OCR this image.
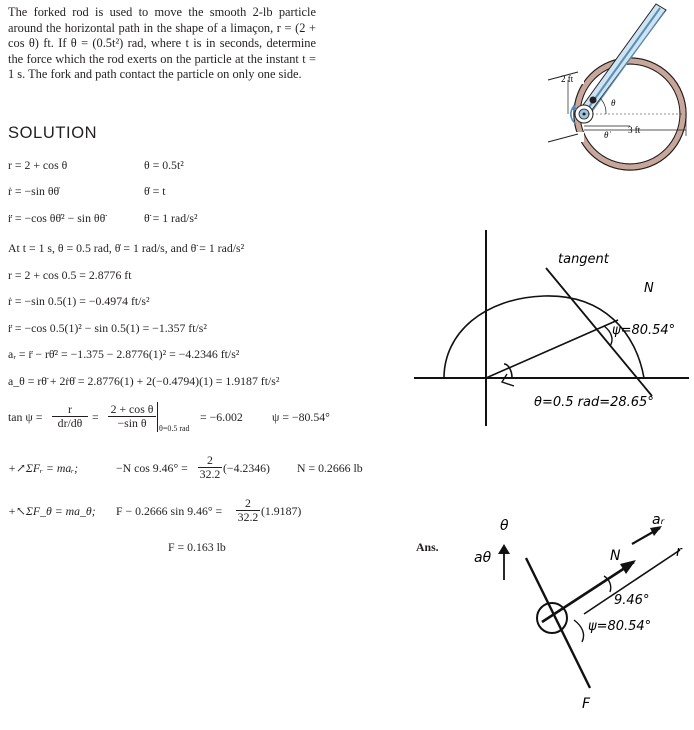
The forked rod is used to move the smooth 2-lb particle around the horizontal path in the shape of a limaçon, r = (2 + cos θ) ft. If θ = (0.5t²) rad, where t is in seconds, determine the force which the rod exerts on the particle at the instant t = 1 s. The fork and path contact the particle on only one side.	2 ft
θ
θ̇	3 ft
SOLUTION
r = 2 + cos θ	θ = 0.5t²
ṙ = −sin θθ̇	θ̇ = t
r̈ = −cos θθ̇² − sin θθ̈	θ̈ = 1 rad/s²
At t = 1 s, θ = 0.5 rad, θ̇ = 1 rad/s, and θ̈ = 1 rad/s²
r = 2 + cos 0.5 = 2.8776 ft
ṙ = −sin 0.5(1) = −0.4974 ft/s²
r̈ = −cos 0.5(1)² − sin 0.5(1) = −1.357 ft/s²
aᵣ = r̈ − rθ̇² = −1.375 − 2.8776(1)² = −4.2346 ft/s²
a_θ = rθ̈ + 2ṙθ̇ = 2.8776(1) + 2(−0.4794)(1) = 1.9187 ft/s²
$\tan \psi = \frac{r}{dr/d\theta} = \frac{\text{2 + cos θ}}{\text{−sin θ}} \theta=0.5$ rad
= −6.002 ψ = −80.54°
+↗ΣFᵣ = maᵣ;	−N $\cos 9.46^\circ = \frac{2}{32.2} (-4.2346) N = 0.2666$ lb
+↖ΣF_θ = ma_θ; F − 0.2666 $\sin 9.46^\circ = \frac{2}{32.2} (1.9187)$
F = 0.163 lb	Ans.
tangent
N
ψ=80.54°
θ=0.5 rad=28.65°
θ
aθ
aᵣ
r
N
9.46°
ψ=80.54°
F
